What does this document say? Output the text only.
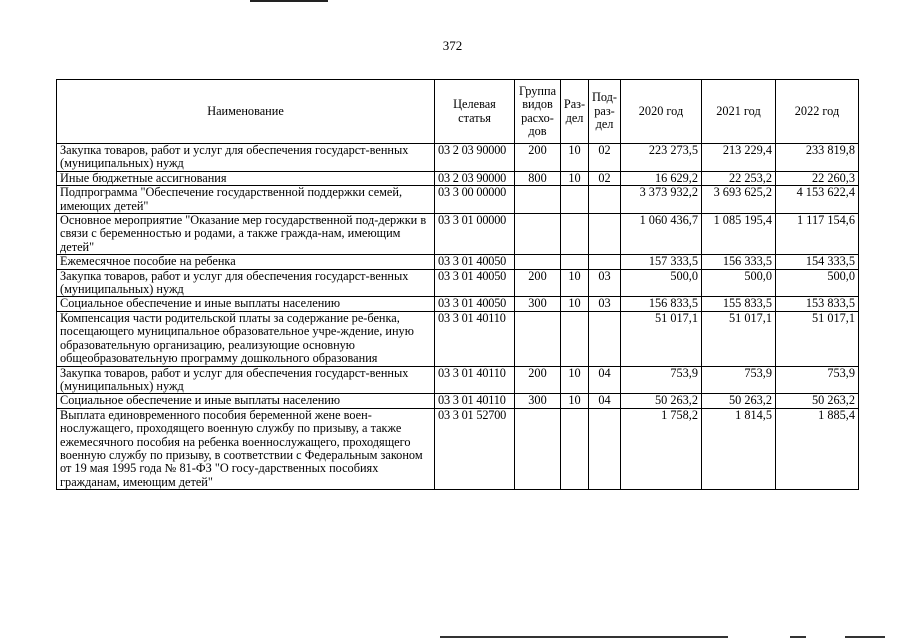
372
Наименование	Целевая статья	Группа видов расхо-дов	Раз-дел	Под-раз-дел	2020 год	2021 год	2022 год
Закупка товаров, работ и услуг для обеспечения государст-венных (муниципальных) нужд	03 2 03 90000	200	10	02	223 273,5	213 229,4	233 819,8
Иные бюджетные ассигнования	03 2 03 90000	800	10	02	16 629,2	22 253,2	22 260,3
Подпрограмма "Обеспечение государственной поддержки семей, имеющих детей"	03 3 00 00000				3 373 932,2	3 693 625,2	4 153 622,4
Основное мероприятие "Оказание мер государственной под-держки в связи с беременностью и родами, а также гражда-нам, имеющим детей"	03 3 01 00000				1 060 436,7	1 085 195,4	1 117 154,6
Ежемесячное пособие на ребенка	03 3 01 40050				157 333,5	156 333,5	154 333,5
Закупка товаров, работ и услуг для обеспечения государст-венных (муниципальных) нужд	03 3 01 40050	200	10	03	500,0	500,0	500,0
Социальное обеспечение и иные выплаты населению	03 3 01 40050	300	10	03	156 833,5	155 833,5	153 833,5
Компенсация части родительской платы за содержание ре-бенка, посещающего муниципальное образовательное учре-ждение, иную образовательную организацию, реализующие основную общеобразовательную программу дошкольного образования	03 3 01 40110				51 017,1	51 017,1	51 017,1
Закупка товаров, работ и услуг для обеспечения государст-венных (муниципальных) нужд	03 3 01 40110	200	10	04	753,9	753,9	753,9
Социальное обеспечение и иные выплаты населению	03 3 01 40110	300	10	04	50 263,2	50 263,2	50 263,2
Выплата единовременного пособия беременной жене воен-нослужащего, проходящего военную службу по призыву, а также ежемесячного пособия на ребенка военнослужащего, проходящего военную службу по призыву, в соответствии с Федеральным законом от 19 мая 1995 года № 81-ФЗ "О госу-дарственных пособиях гражданам, имеющим детей"	03 3 01 52700				1 758,2	1 814,5	1 885,4
